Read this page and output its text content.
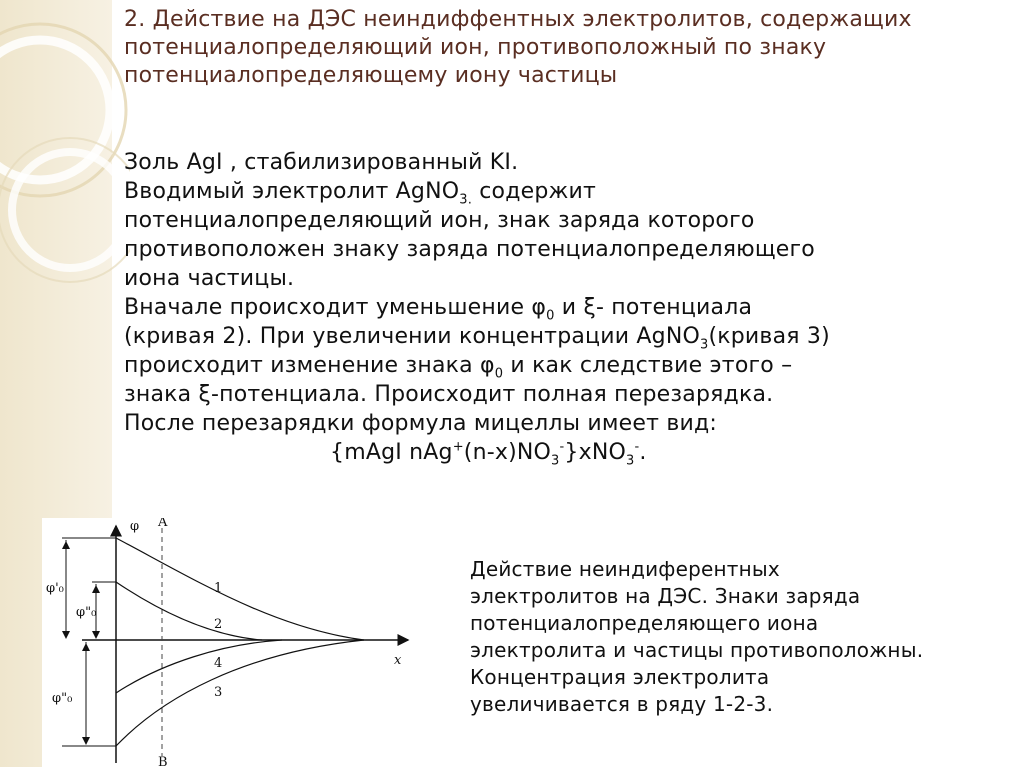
2. Действие на ДЭС неиндиффентных электролитов, содержащих потенциалопределяющий ион, противоположный по знаку потенциалопределяющему иону частицы

Золь AgI , стабилизированный KI.

Вводимый электролит AgNO$_{3.}$ содержит

потенциалопределяющий ион, знак заряда которого

противоположен знаку заряда потенциалопределяющего

иона частицы.

Вначале происходит уменьшение $\varphi_0$ и ξ- потенциала

(кривая 2). При увеличении концентрации AgNO$_3$(кривая 3)

происходит изменение знака $\varphi_0$ и как следствие этого –

знака ξ-потенциала. Происходит полная перезарядка.

После перезарядки формула мицеллы имеет вид:

{mAgI $nAg^+(n-x)NO_3^-\}xNO_3^-$.

φ
x
A
B
1
2
4
3
φ'₀
φ"₀
φ"₀
Действие неиндиферентных
электролитов на ДЭС. Знаки заряда
потенциалопределяющего иона
электролита и частицы противоположны.
Концентрация электролита
увеличивается в ряду 1-2-3.
